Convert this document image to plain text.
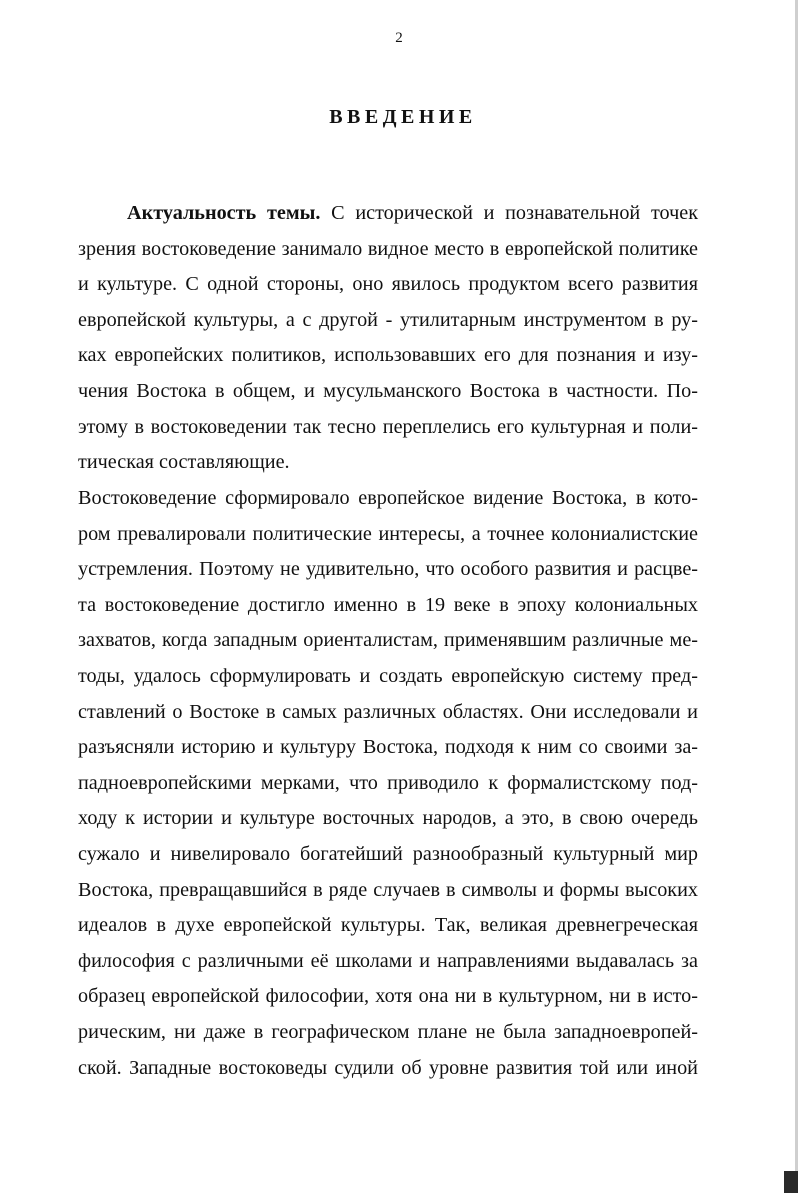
2
ВВЕДЕНИЕ
Актуальность темы. С исторической и познавательной точек
зрения востоковедение занимало видное место в европейской политике
и культуре. С одной стороны, оно явилось продуктом всего развития
европейской культуры, а с другой - утилитарным инструментом в ру-
ках европейских политиков, использовавших его для познания и изу-
чения Востока в общем, и мусульманского Востока в частности. По-
этому в востоковедении так тесно переплелись его культурная и поли-
тическая составляющие.
Востоковедение сформировало европейское видение Востока, в кото-
ром превалировали политические интересы, а точнее колониалистские
устремления. Поэтому не удивительно, что особого развития и расцве-
та востоковедение достигло именно в 19 веке в эпоху колониальных
захватов, когда западным ориенталистам, применявшим различные ме-
тоды, удалось сформулировать и создать европейскую систему пред-
ставлений о Востоке в самых различных областях. Они исследовали и
разъясняли историю и культуру Востока, подходя к ним со своими за-
падноевропейскими мерками, что приводило к формалистскому под-
ходу к истории и культуре восточных народов, а это, в свою очередь
сужало и нивелировало богатейший разнообразный культурный мир
Востока, превращавшийся в ряде случаев в символы и формы высоких
идеалов в духе европейской культуры. Так, великая древнегреческая
философия с различными её школами и направлениями выдавалась за
образец европейской философии, хотя она ни в культурном, ни в исто-
рическим, ни даже в географическом плане не была западноевропей-
ской. Западные востоковеды судили об уровне развития той или иной
